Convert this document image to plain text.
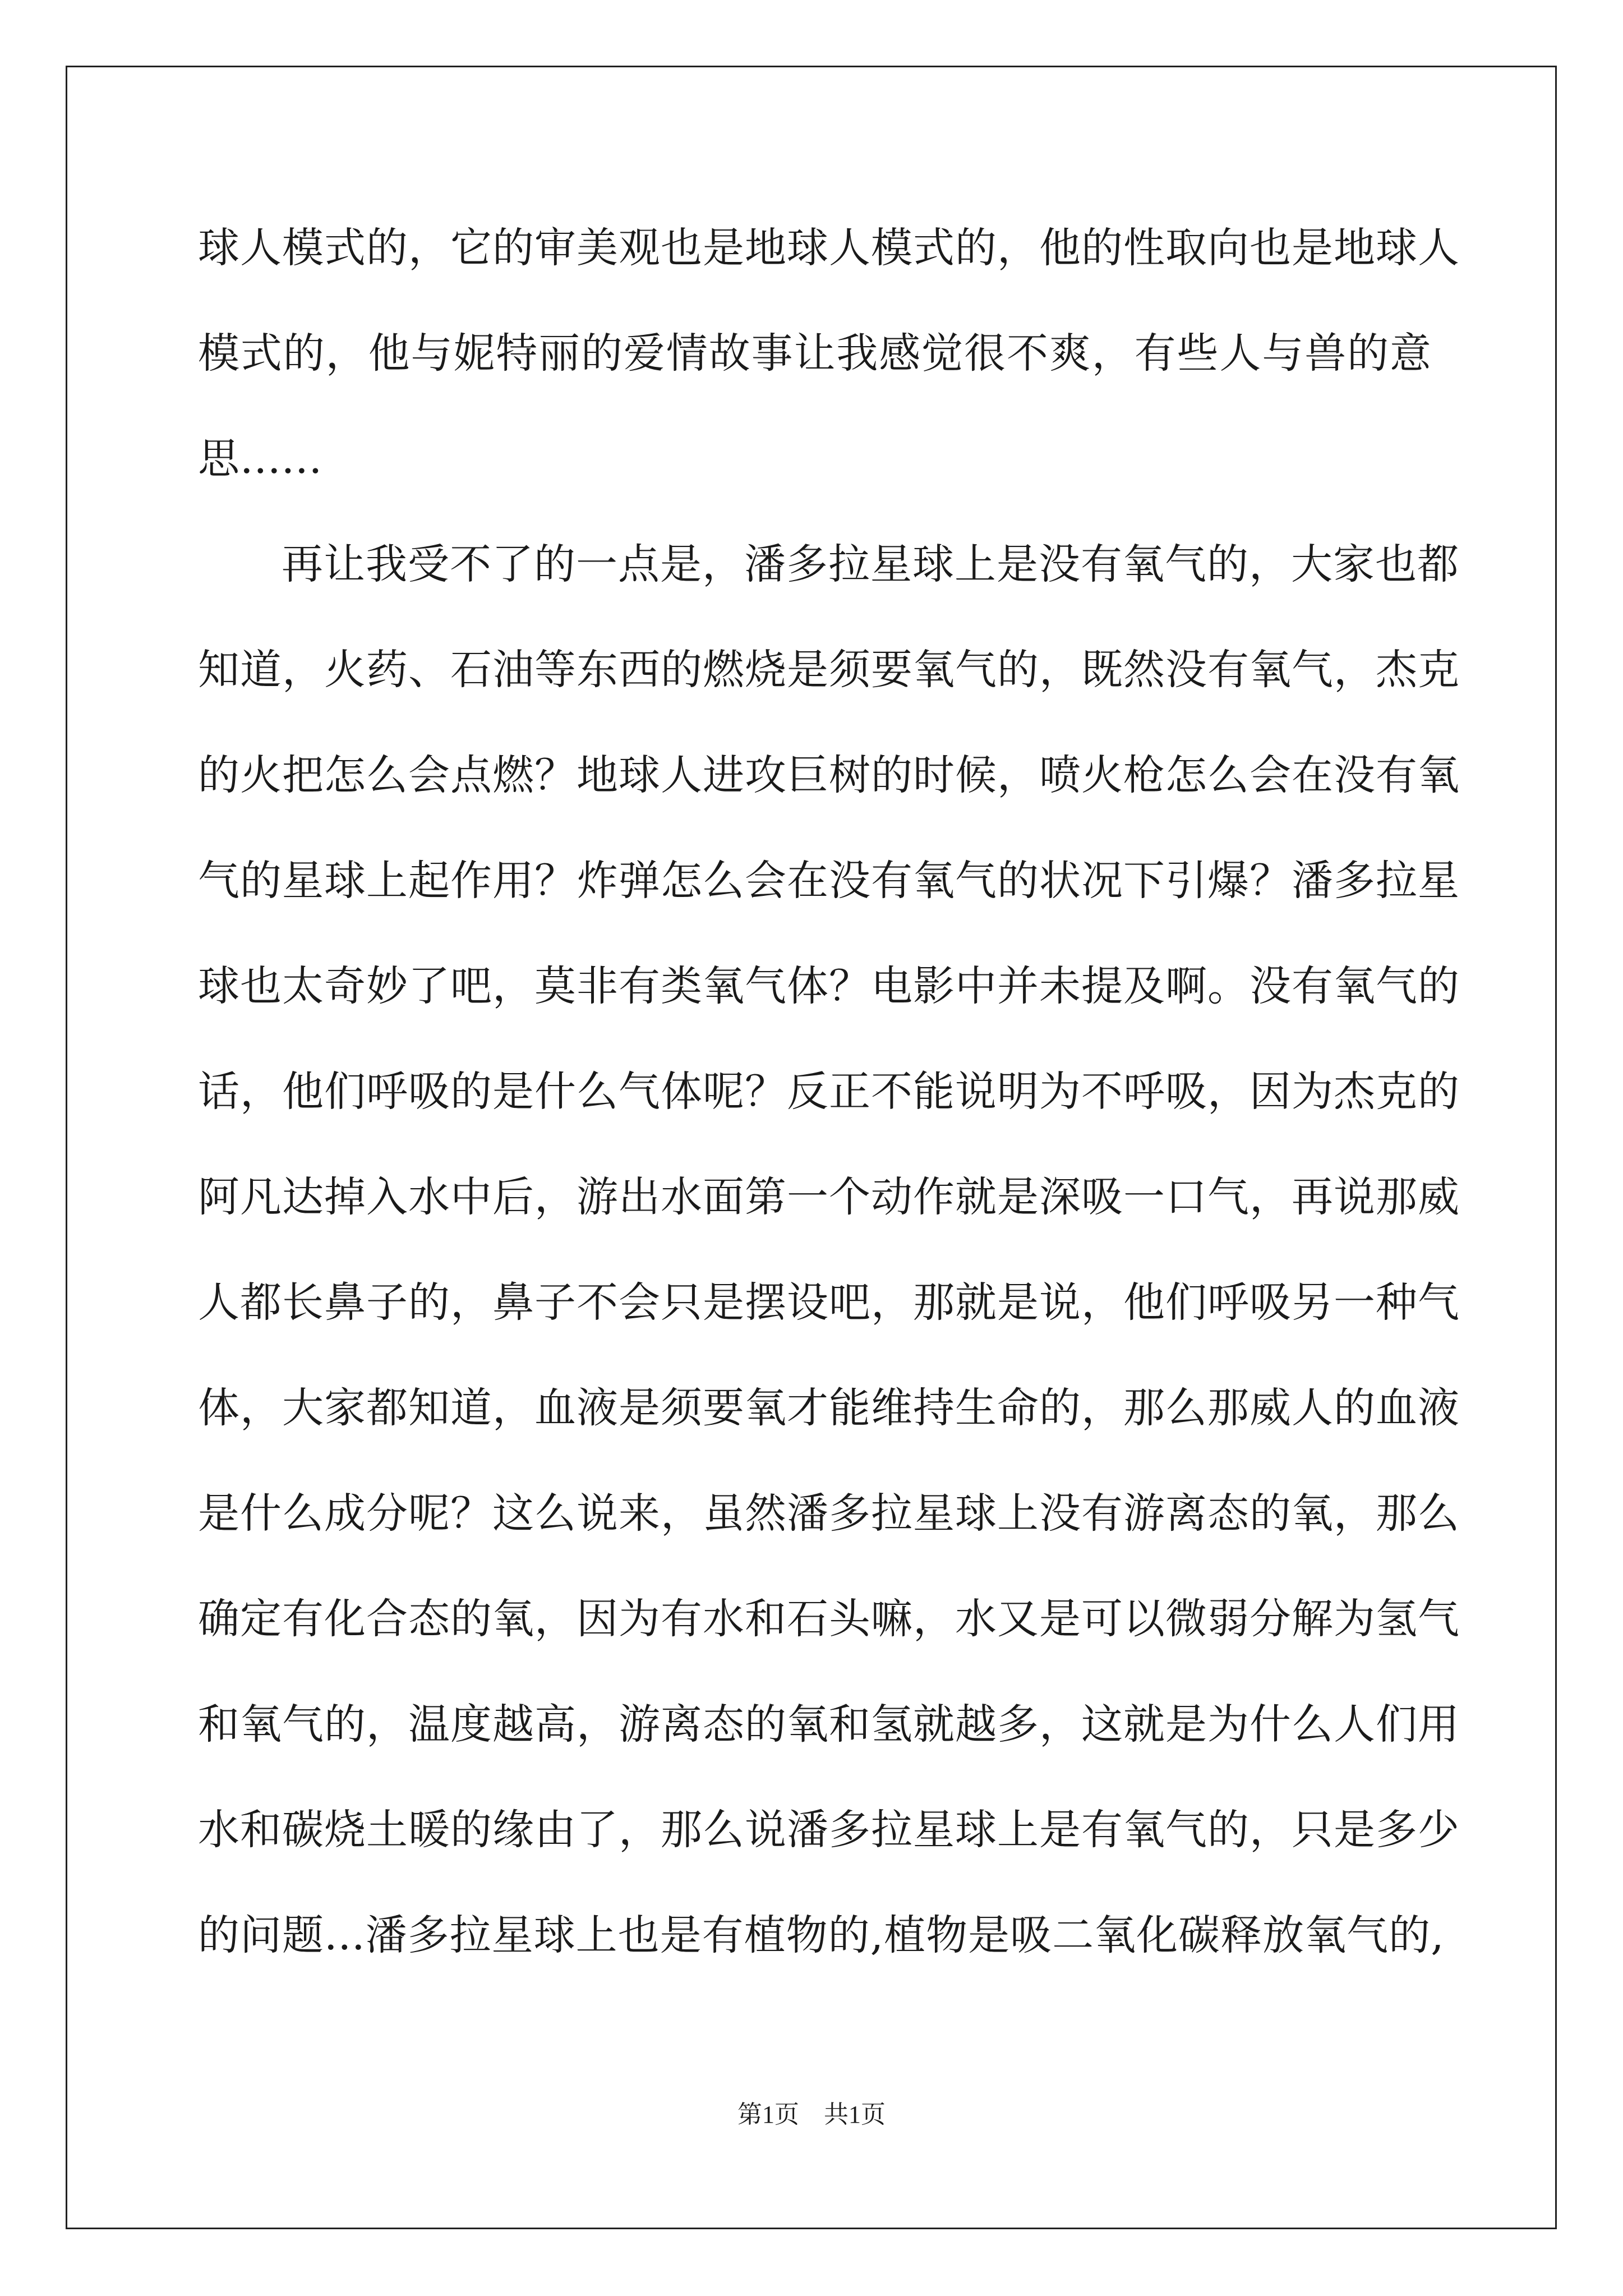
球人模式的，它的审美观也是地球人模式的，他的性取向也是地球人
模式的，他与妮特丽的爱情故事让我感觉很不爽，有些人与兽的意
思......
再让我受不了的一点是，潘多拉星球上是没有氧气的，大家也都
知道，火药、石油等东西的燃烧是须要氧气的，既然没有氧气，杰克
的火把怎么会点燃？地球人进攻巨树的时候，喷火枪怎么会在没有氧
气的星球上起作用？炸弹怎么会在没有氧气的状况下引爆？潘多拉星
球也太奇妙了吧，莫非有类氧气体？电影中并未提及啊。没有氧气的
话，他们呼吸的是什么气体呢？反正不能说明为不呼吸，因为杰克的
阿凡达掉入水中后，游出水面第一个动作就是深吸一口气，再说那威
人都长鼻子的，鼻子不会只是摆设吧，那就是说，他们呼吸另一种气
体，大家都知道，血液是须要氧才能维持生命的，那么那威人的血液
是什么成分呢？这么说来，虽然潘多拉星球上没有游离态的氧，那么
确定有化合态的氧，因为有水和石头嘛，水又是可以微弱分解为氢气
和氧气的，温度越高，游离态的氧和氢就越多，这就是为什么人们用
水和碳烧土暖的缘由了，那么说潘多拉星球上是有氧气的，只是多少
的问题...潘多拉星球上也是有植物的,植物是吸二氧化碳释放氧气的,
第1页    共1页
